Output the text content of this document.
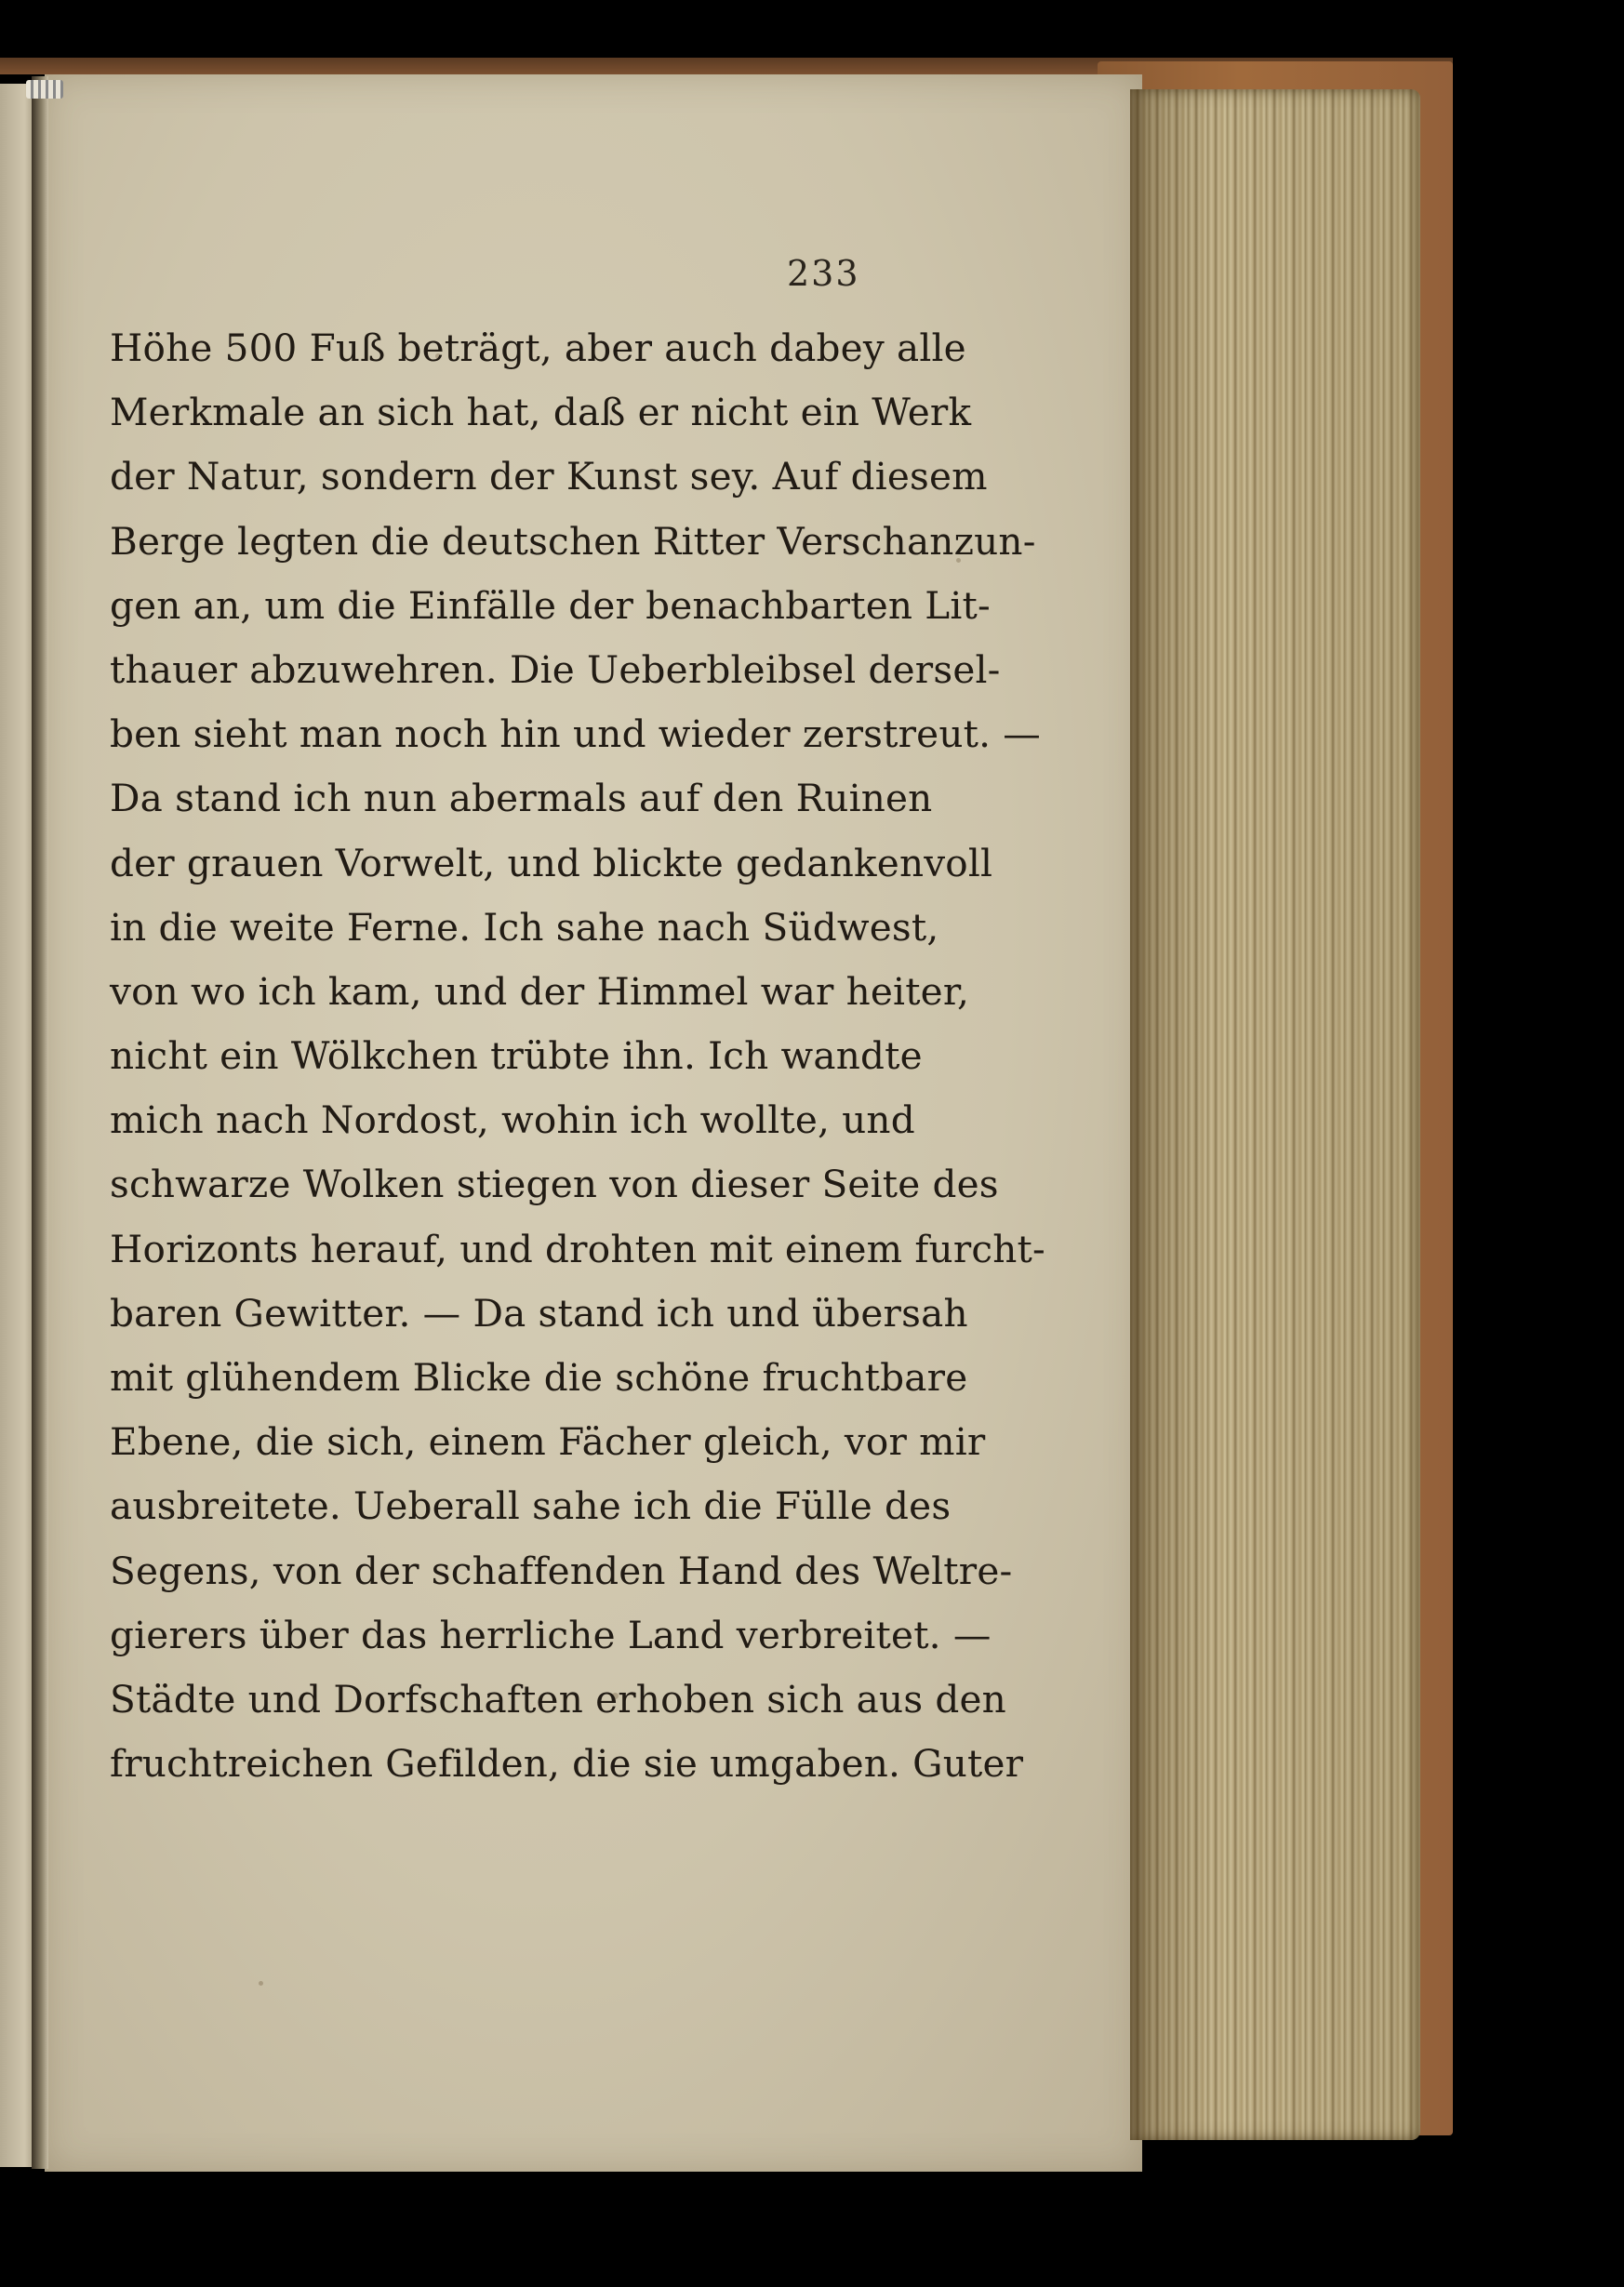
233
Höhe 500 Fuß beträgt, aber auch dabey alle
Merkmale an sich hat, daß er nicht ein Werk
der Natur, sondern der Kunst sey. Auf diesem
Berge legten die deutschen Ritter Verschanzun-
gen an, um die Einfälle der benachbarten Lit-
thauer abzuwehren. Die Ueberbleibsel dersel-
ben sieht man noch hin und wieder zerstreut. —
Da stand ich nun abermals auf den Ruinen
der grauen Vorwelt, und blickte gedankenvoll
in die weite Ferne. Ich sahe nach Südwest,
von wo ich kam, und der Himmel war heiter,
nicht ein Wölkchen trübte ihn. Ich wandte
mich nach Nordost, wohin ich wollte, und
schwarze Wolken stiegen von dieser Seite des
Horizonts herauf, und drohten mit einem furcht-
baren Gewitter. — Da stand ich und übersah
mit glühendem Blicke die schöne fruchtbare
Ebene, die sich, einem Fächer gleich, vor mir
ausbreitete. Ueberall sahe ich die Fülle des
Segens, von der schaffenden Hand des Weltre-
gierers über das herrliche Land verbreitet. —
Städte und Dorfschaften erhoben sich aus den
fruchtreichen Gefilden, die sie umgaben. Guter
